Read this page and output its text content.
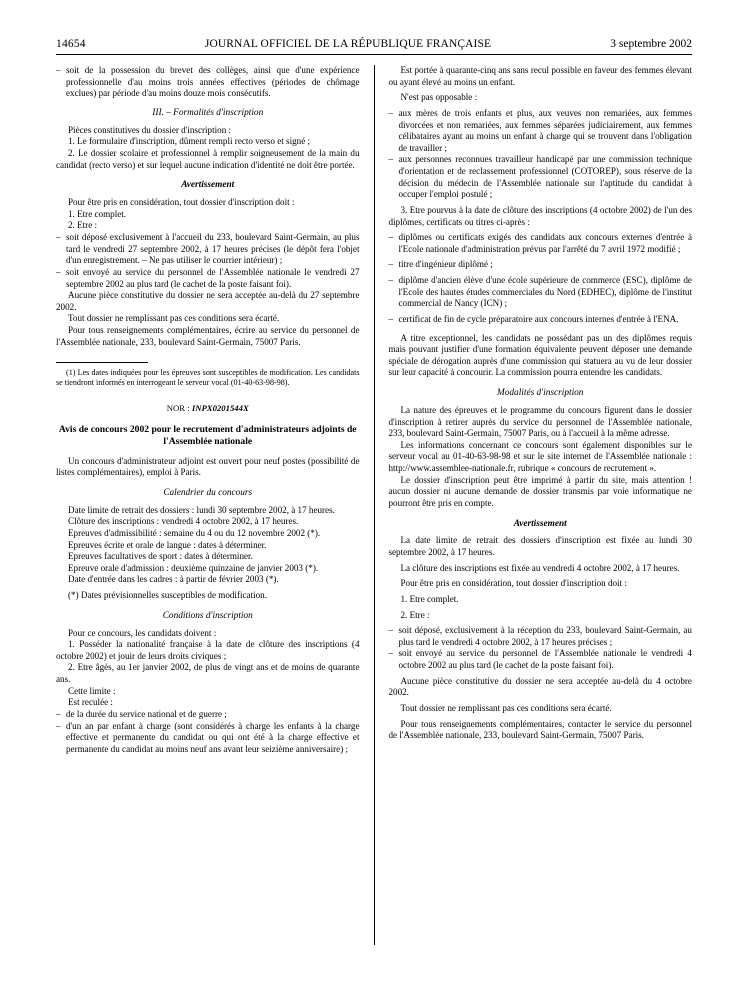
14654	JOURNAL OFFICIEL DE LA RÉPUBLIQUE FRANÇAISE	3 septembre 2002

– soit de la possession du brevet des collèges, ainsi que d'une expérience professionnelle d'au moins trois années effectives (périodes de chômage exclues) par période d'au moins douze mois consécutifs.

III. – Formalités d'inscription

Pièces constitutives du dossier d'inscription :

1. Le formulaire d'inscription, dûment rempli recto verso et signé ;

2. Le dossier scolaire et professionnel à remplir soigneusement de la main du candidat (recto verso) et sur lequel aucune indication d'identité ne doit être portée.

Avertissement

Pour être pris en considération, tout dossier d'inscription doit :

1. Etre complet.

2. Etre :

– soit déposé exclusivement à l'accueil du 233, boulevard Saint-Germain, au plus tard le vendredi 27 septembre 2002, à 17 heures précises (le dépôt fera l'objet d'un enregistrement. – Ne pas utiliser le courrier intérieur) ;

– soit envoyé au service du personnel de l'Assemblée nationale le vendredi 27 septembre 2002 au plus tard (le cachet de la poste faisant foi).

Aucune pièce constitutive du dossier ne sera acceptée au-delà du 27 septembre 2002.

Tout dossier ne remplissant pas ces conditions sera écarté.

Pour tous renseignements complémentaires, écrire au service du personnel de l'Assemblée nationale, 233, boulevard Saint-Germain, 75007 Paris.

(1) Les dates indiquées pour les épreuves sont susceptibles de modification. Les candidats se tiendront informés en interrogeant le serveur vocal (01-40-63-98-98).

NOR : INPX0201544X

Avis de concours 2002 pour le recrutement d'administrateurs adjoints de l'Assemblée nationale

Un concours d'administrateur adjoint est ouvert pour neuf postes (possibilité de listes complémentaires), emploi à Paris.

Calendrier du concours

Date limite de retrait des dossiers : lundi 30 septembre 2002, à 17 heures.

Clôture des inscriptions : vendredi 4 octobre 2002, à 17 heures.

Epreuves d'admissibilité : semaine du 4 ou du 12 novembre 2002 (*).

Epreuves écrite et orale de langue : dates à déterminer.

Epreuves facultatives de sport : dates à déterminer.

Epreuve orale d'admission : deuxième quinzaine de janvier 2003 (*).

Date d'entrée dans les cadres : à partir de février 2003 (*).

(*) Dates prévisionnelles susceptibles de modification.

Conditions d'inscription

Pour ce concours, les candidats doivent :

1. Posséder la nationalité française à la date de clôture des inscriptions (4 octobre 2002) et jouir de leurs droits civiques ;

2. Etre âgés, au 1er janvier 2002, de plus de vingt ans et de moins de quarante ans.

Cette limite :

Est reculée :

– de la durée du service national et de guerre ;

– d'un an par enfant à charge (sont considérés à charge les enfants à la charge effective et permanente du candidat ou qui ont été à la charge effective et permanente du candidat au moins neuf ans avant leur seizième anniversaire) ;

Est portée à quarante-cinq ans sans recul possible en faveur des femmes élevant ou ayant élevé au moins un enfant.

N'est pas opposable :

– aux mères de trois enfants et plus, aux veuves non remariées, aux femmes divorcées et non remariées, aux femmes séparées judiciairement, aux femmes célibataires ayant au moins un enfant à charge qui se trouvent dans l'obligation de travailler ;

– aux personnes reconnues travailleur handicapé par une commission technique d'orientation et de reclassement professionnel (COTOREP), sous réserve de la décision du médecin de l'Assemblée nationale sur l'aptitude du candidat à occuper l'emploi postulé ;

3. Etre pourvus à la date de clôture des inscriptions (4 octobre 2002) de l'un des diplômes, certificats ou titres ci-après :

– diplômes ou certificats exigés des candidats aux concours externes d'entrée à l'Ecole nationale d'administration prévus par l'arrêté du 7 avril 1972 modifié ;

– titre d'ingénieur diplômé ;

– diplôme d'ancien élève d'une école supérieure de commerce (ESC), diplôme de l'Ecole des hautes études commerciales du Nord (EDHEC), diplôme de l'institut commercial de Nancy (ICN) ;

– certificat de fin de cycle préparatoire aux concours internes d'entrée à l'ENA.

A titre exceptionnel, les candidats ne possédant pas un des diplômes requis mais pouvant justifier d'une formation équivalente peuvent déposer une demande spéciale de dérogation auprès d'une commission qui statuera au vu de leur dossier sur leur capacité à concourir. La commission pourra entendre les candidats.

Modalités d'inscription

La nature des épreuves et le programme du concours figurent dans le dossier d'inscription à retirer auprès du service du personnel de l'Assemblée nationale, 233, boulevard Saint-Germain, 75007 Paris, ou à l'accueil à la même adresse.

Les informations concernant ce concours sont également disponibles sur le serveur vocal au 01-40-63-98-98 et sur le site internet de l'Assemblée nationale : http://www.assemblee-nationale.fr, rubrique « concours de recrutement ».

Le dossier d'inscription peut être imprimé à partir du site, mais attention ! aucun dossier ni aucune demande de dossier transmis par voie informatique ne pourront être pris en compte.

Avertissement

La date limite de retrait des dossiers d'inscription est fixée au lundi 30 septembre 2002, à 17 heures.

La clôture des inscriptions est fixée au vendredi 4 octobre 2002, à 17 heures.

Pour être pris en considération, tout dossier d'inscription doit :

1. Etre complet.

2. Etre :

– soit déposé, exclusivement à la réception du 233, boulevard Saint-Germain, au plus tard le vendredi 4 octobre 2002, à 17 heures précises ;

– soit envoyé au service du personnel de l'Assemblée nationale le vendredi 4 octobre 2002 au plus tard (le cachet de la poste faisant foi).

Aucune pièce constitutive du dossier ne sera acceptée au-delà du 4 octobre 2002.

Tout dossier ne remplissant pas ces conditions sera écarté.

Pour tous renseignements complémentaires, contacter le service du personnel de l'Assemblée nationale, 233, boulevard Saint-Germain, 75007 Paris.
